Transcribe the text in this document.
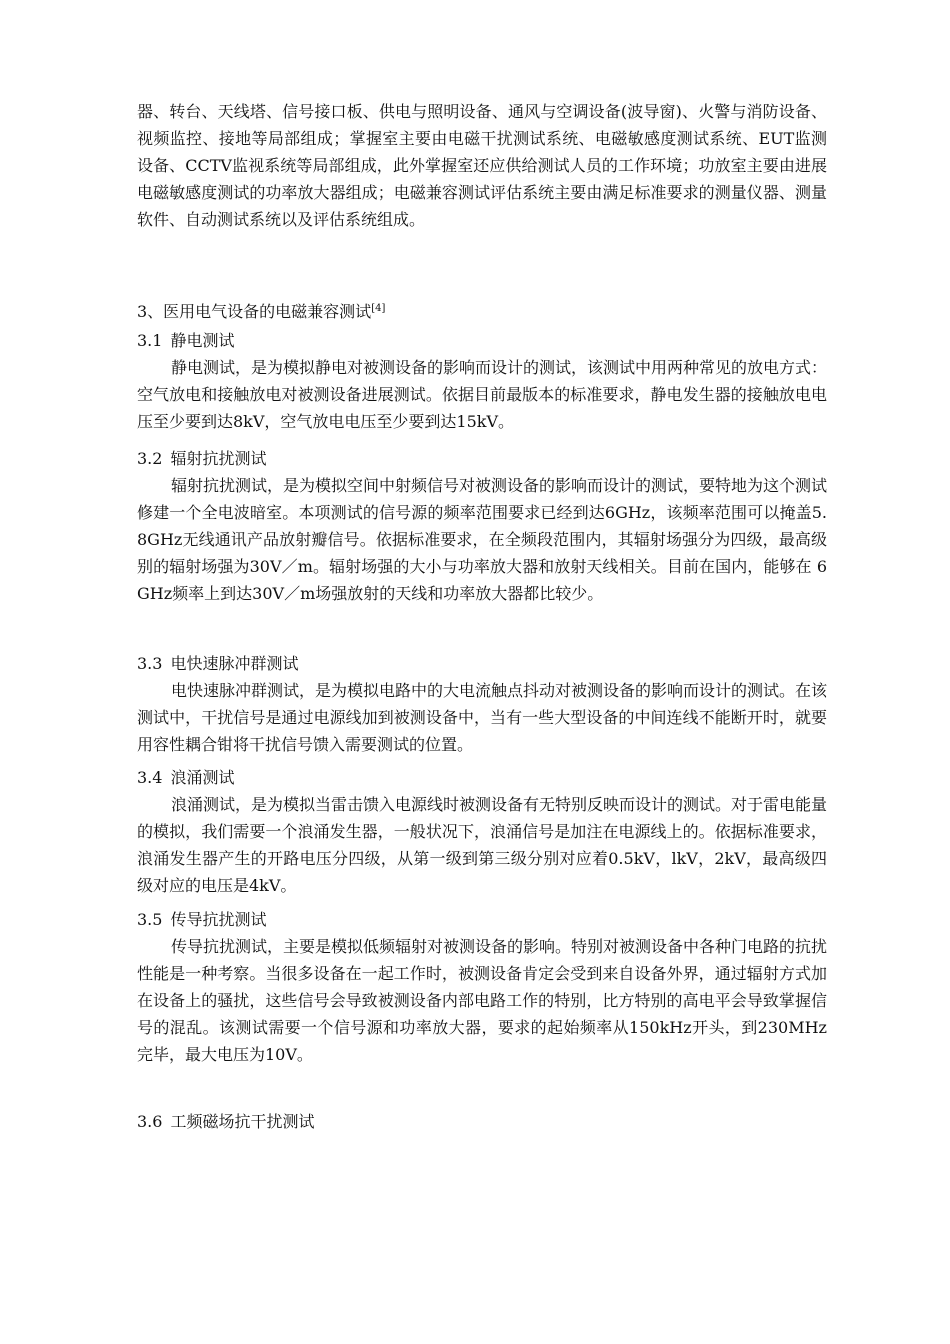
器、转台、天线塔、信号接口板、供电与照明设备、通风与空调设备(波导窗)、火警与消防设备、视频监控、接地等局部组成；掌握室主要由电磁干扰测试系统、电磁敏感度测试系统、EUT监测设备、CCTV监视系统等局部组成，此外掌握室还应供给测试人员的工作环境；功放室主要由进展电磁敏感度测试的功率放大器组成；电磁兼容测试评估系统主要由满足标准要求的测量仪器、测量软件、自动测试系统以及评估系统组成。

3、医用电气设备的电磁兼容测试[4]

3.1 静电测试

静电测试，是为模拟静电对被测设备的影响而设计的测试，该测试中用两种常见的放电方式：空气放电和接触放电对被测设备进展测试。依据目前最版本的标准要求，静电发生器的接触放电电压至少要到达8kV，空气放电电压至少要到达15kV。

3.2 辐射抗扰测试

辐射抗扰测试，是为模拟空间中射频信号对被测设备的影响而设计的测试，要特地为这个测试修建一个全电波暗室。本项测试的信号源的频率范围要求已经到达6GHz，该频率范围可以掩盖5.8GHz无线通讯产品放射瓣信号。依据标准要求，在全频段范围内，其辐射场强分为四级，最高级别的辐射场强为30V／m。辐射场强的大小与功率放大器和放射天线相关。目前在国内，能够在 6GHz频率上到达30V／m场强放射的天线和功率放大器都比较少。

3.3 电快速脉冲群测试

电快速脉冲群测试，是为模拟电路中的大电流触点抖动对被测设备的影响而设计的测试。在该测试中，干扰信号是通过电源线加到被测设备中，当有一些大型设备的中间连线不能断开时，就要用容性耦合钳将干扰信号馈入需要测试的位置。

3.4 浪涌测试

浪涌测试，是为模拟当雷击馈入电源线时被测设备有无特别反映而设计的测试。对于雷电能量的模拟，我们需要一个浪涌发生器，一般状况下，浪涌信号是加注在电源线上的。依据标准要求，浪涌发生器产生的开路电压分四级，从第一级到第三级分别对应着0.5kV，lkV，2kV，最高级四级对应的电压是4kV。

3.5 传导抗扰测试

传导抗扰测试，主要是模拟低频辐射对被测设备的影响。特别对被测设备中各种门电路的抗扰性能是一种考察。当很多设备在一起工作时，被测设备肯定会受到来自设备外界，通过辐射方式加在设备上的骚扰，这些信号会导致被测设备内部电路工作的特别，比方特别的高电平会导致掌握信号的混乱。该测试需要一个信号源和功率放大器，要求的起始频率从150kHz开头，到230MHz完毕，最大电压为10V。

3.6 工频磁场抗干扰测试
